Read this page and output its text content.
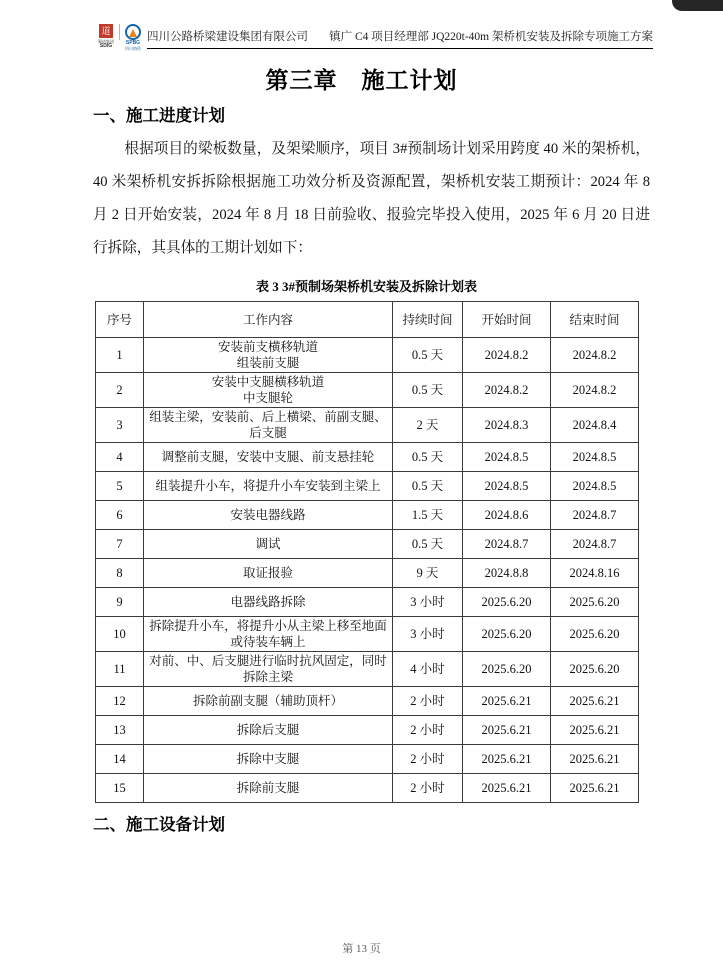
道
蜀道集团
SDIG	SPBG
四川路桥
四川公路桥梁建设集团有限公司 镇广 C4 项目经理部 JQ220t-40m 架桥机安装及拆除专项施工方案
第三章　施工计划
一、施工进度计划

根据项目的梁板数量，及架梁顺序，项目 3#预制场计划采用跨度 40 米的架桥机，40 米架桥机安拆拆除根据施工功效分析及资源配置，架桥机安装工期预计：2024 年 8 月 2 日开始安装，2024 年 8 月 18 日前验收、报验完毕投入使用，2025 年 6 月 20 日进行拆除，其具体的工期计划如下：

表 3 3#预制场架桥机安装及拆除计划表
序号	工作内容	持续时间	开始时间	结束时间
1	安装前支横移轨道
组装前支腿	0.5 天	2024.8.2	2024.8.2
2	安装中支腿横移轨道
中支腿轮	0.5 天	2024.8.2	2024.8.2
3	组装主梁，安装前、后上横梁、前副支腿、
后支腿	2 天	2024.8.3	2024.8.4
4	调整前支腿，安装中支腿、前支悬挂轮	0.5 天	2024.8.5	2024.8.5
5	组装提升小车，将提升小车安装到主梁上	0.5 天	2024.8.5	2024.8.5
6	安装电器线路	1.5 天	2024.8.6	2024.8.7
7	调试	0.5 天	2024.8.7	2024.8.7
8	取证报验	9 天	2024.8.8	2024.8.16
9	电器线路拆除	3 小时	2025.6.20	2025.6.20
10	拆除提升小车，将提升小从主梁上移至地面
或待装车辆上	3 小时	2025.6.20	2025.6.20
11	对前、中、后支腿进行临时抗风固定，同时
拆除主梁	4 小时	2025.6.20	2025.6.20
12	拆除前副支腿（辅助顶杆）	2 小时	2025.6.21	2025.6.21
13	拆除后支腿	2 小时	2025.6.21	2025.6.21
14	拆除中支腿	2 小时	2025.6.21	2025.6.21
15	拆除前支腿	2 小时	2025.6.21	2025.6.21
二、施工设备计划
第 13 页
